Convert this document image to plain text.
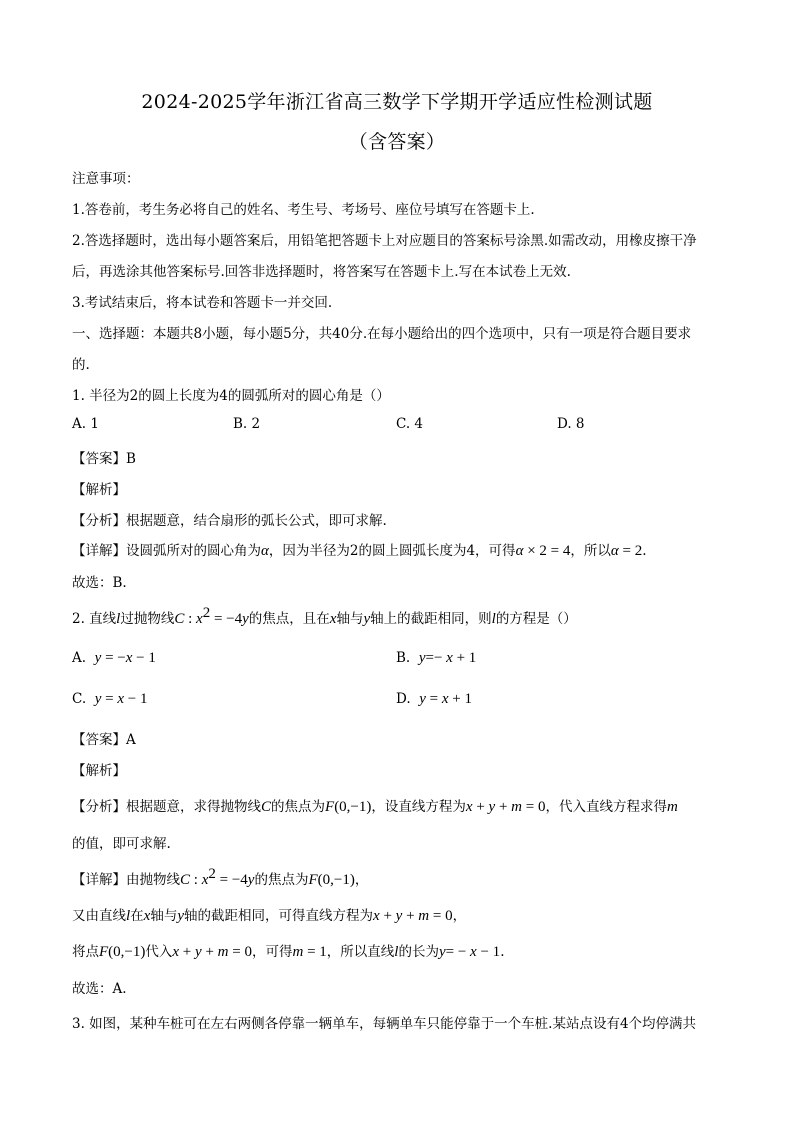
2024-2025学年浙江省高三数学下学期开学适应性检测试题
（含答案）
注意事项：
1.答卷前，考生务必将自己的姓名、考生号、考场号、座位号填写在答题卡上.
2.答选择题时，选出每小题答案后，用铅笔把答题卡上对应题目的答案标号涂黑.如需改动，用橡皮擦干净
后，再选涂其他答案标号.回答非选择题时，将答案写在答题卡上.写在本试卷上无效.
3.考试结束后，将本试卷和答题卡一并交回.
一、选择题：本题共8小题，每小题5分，共40分.在每小题给出的四个选项中，只有一项是符合题目要求
的.
1. 半径为2的圆上长度为4的圆弧所对的圆心角是（）
A. 1	B. 2	C. 4	D. 8
【答案】B
【解析】
【分析】根据题意，结合扇形的弧长公式，即可求解.
【详解】设圆弧所对的圆心角为α，因为半径为2的圆上圆弧长度为4，可得α × 2 = 4，所以α = 2.
故选：B.
2. 直线l过抛物线C : $x^2 = -4y$的焦点，且在x轴与y轴上的截距相同，则l的方程是（）
A. y = −x − 1	B. y=− x + 1
C. y = x − 1	D. y = x + 1
【答案】A
【解析】
【分析】根据题意，求得抛物线C的焦点为F(0,−1)，设直线方程为x + y + m = 0，代入直线方程求得m
的值，即可求解.
【详解】由抛物线C : $x^2 = -4y$的焦点为F(0,−1)，
又由直线l在x轴与y轴的截距相同，可得直线方程为x + y + m = 0，
将点F(0,−1)代入x + y + m = 0，可得m = 1，所以直线l的长为y= − x − 1.
故选：A.
3. 如图，某种车桩可在左右两侧各停靠一辆单车，每辆单车只能停靠于一个车桩.某站点设有4个均停满共
